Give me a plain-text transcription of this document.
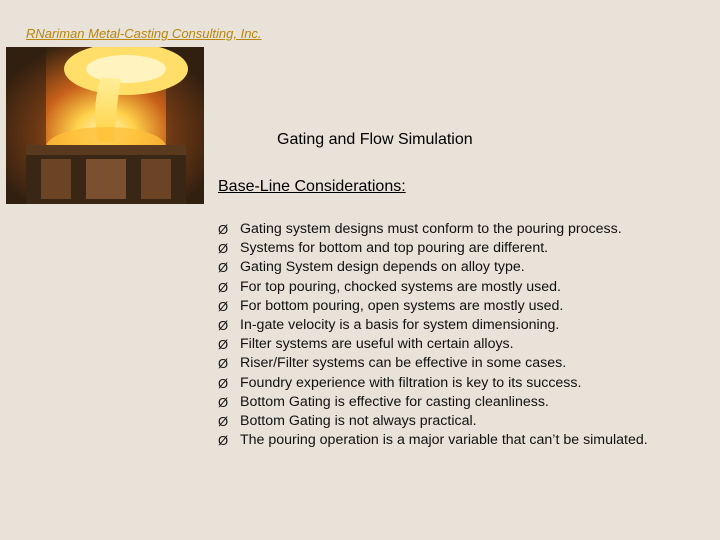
RNariman Metal-Casting Consulting, Inc.
Gating and Flow Simulation
Base-Line Considerations:
Ø Gating system designs must conform to the pouring process.
Ø Systems for bottom and top pouring are different.
Ø Gating System design depends on alloy type.
Ø For top pouring, chocked systems are mostly used.
Ø For bottom pouring, open systems are mostly used.
Ø In-gate velocity is a basis for system dimensioning.
Ø Filter systems are useful with certain alloys.
Ø Riser/Filter systems can be effective in some cases.
Ø Foundry experience with filtration is key to its success.
Ø Bottom Gating is effective for casting cleanliness.
Ø Bottom Gating is not always practical.
Ø The pouring operation is a major variable that can’t be simulated.
